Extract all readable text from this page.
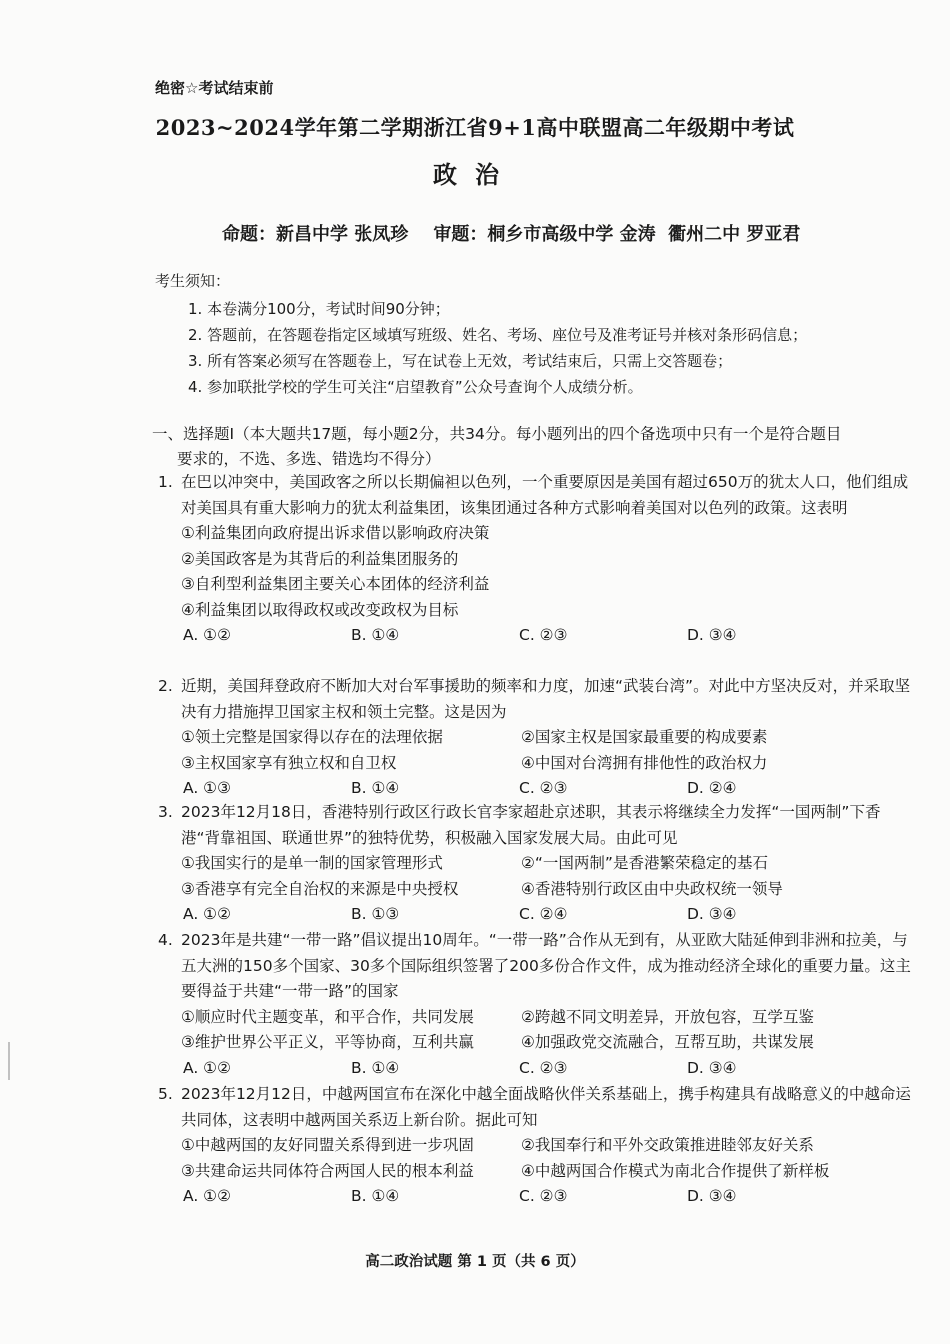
绝密☆考试结束前
2023~2024学年第二学期浙江省9+1高中联盟高二年级期中考试
政治
命题：新昌中学 张凤珍    审题：桐乡市高级中学 金涛  衢州二中 罗亚君
考生须知：
1. 本卷满分100分，考试时间90分钟；
2. 答题前，在答题卷指定区域填写班级、姓名、考场、座位号及准考证号并核对条形码信息；
3. 所有答案必须写在答题卷上，写在试卷上无效，考试结束后，只需上交答题卷；
4. 参加联批学校的学生可关注“启望教育”公众号查询个人成绩分析。
一、选择题Ⅰ（本大题共17题，每小题2分，共34分。每小题列出的四个备选项中只有一个是符合题目
要求的，不选、多选、错选均不得分）
1. 在巴以冲突中，美国政客之所以长期偏袒以色列，一个重要原因是美国有超过650万的犹太人口，他们组成对美国具有重大影响力的犹太利益集团，该集团通过各种方式影响着美国对以色列的政策。这表明
①利益集团向政府提出诉求借以影响政府决策
②美国政客是为其背后的利益集团服务的
③自利型利益集团主要关心本团体的经济利益
④利益集团以取得政权或改变政权为目标
A. ①②	B. ①④	C. ②③	D. ③④
2. 近期，美国拜登政府不断加大对台军事援助的频率和力度，加速“武装台湾”。对此中方坚决反对，并采取坚决有力措施捍卫国家主权和领土完整。这是因为
①领土完整是国家得以存在的法理依据	②国家主权是国家最重要的构成要素
③主权国家享有独立权和自卫权	④中国对台湾拥有排他性的政治权力
A. ①③	B. ①④	C. ②③	D. ②④
3. 2023年12月18日，香港特别行政区行政长官李家超赴京述职，其表示将继续全力发挥“一国两制”下香港“背靠祖国、联通世界”的独特优势，积极融入国家发展大局。由此可见
①我国实行的是单一制的国家管理形式	②“一国两制”是香港繁荣稳定的基石
③香港享有完全自治权的来源是中央授权	④香港特别行政区由中央政权统一领导
A. ①②	B. ①③	C. ②④	D. ③④
4. 2023年是共建“一带一路”倡议提出10周年。“一带一路”合作从无到有，从亚欧大陆延伸到非洲和拉美，与五大洲的150多个国家、30多个国际组织签署了200多份合作文件，成为推动经济全球化的重要力量。这主要得益于共建“一带一路”的国家
①顺应时代主题变革，和平合作，共同发展	②跨越不同文明差异，开放包容，互学互鉴
③维护世界公平正义，平等协商，互利共赢	④加强政党交流融合，互帮互助，共谋发展
A. ①②	B. ①④	C. ②③	D. ③④
5. 2023年12月12日，中越两国宣布在深化中越全面战略伙伴关系基础上，携手构建具有战略意义的中越命运共同体，这表明中越两国关系迈上新台阶。据此可知
①中越两国的友好同盟关系得到进一步巩固	②我国奉行和平外交政策推进睦邻友好关系
③共建命运共同体符合两国人民的根本利益	④中越两国合作模式为南北合作提供了新样板
A. ①②	B. ①④	C. ②③	D. ③④
高二政治试题 第 1 页（共 6 页）
